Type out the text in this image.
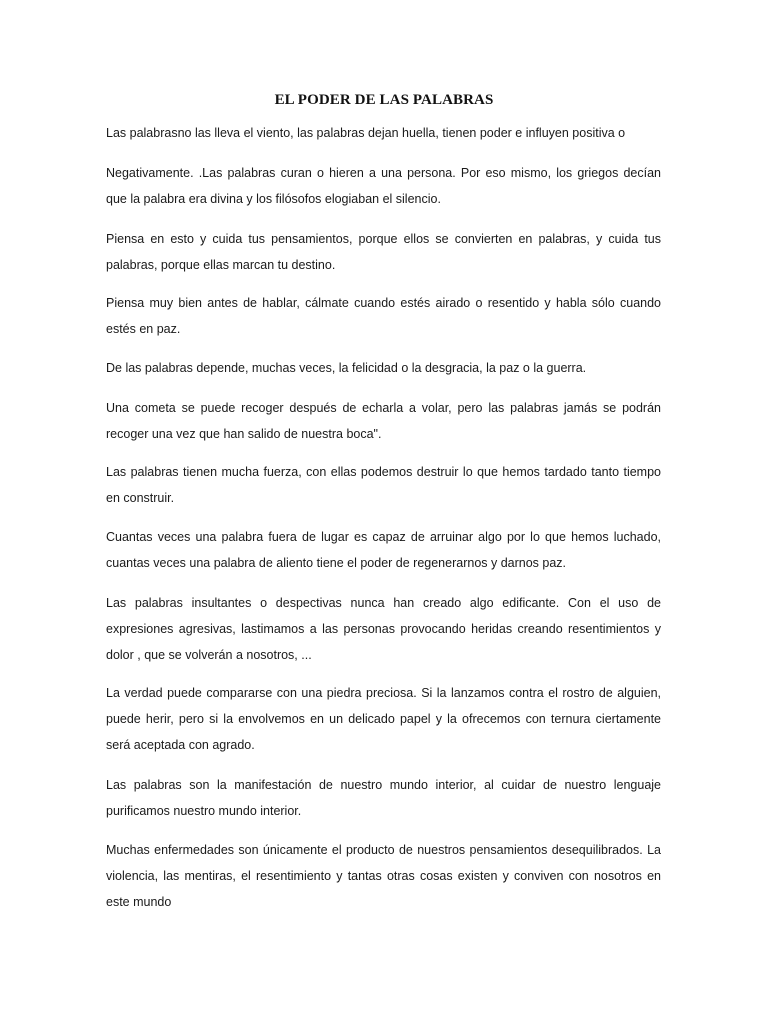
EL PODER DE LAS PALABRAS

Las palabrasno las lleva el viento, las palabras dejan huella, tienen poder e influyen positiva o

Negativamente. .Las palabras curan o hieren a una persona. Por eso mismo, los griegos decían que la palabra era divina y los filósofos elogiaban el silencio.

Piensa en esto y cuida tus pensamientos, porque ellos se convierten en palabras, y cuida tus palabras, porque ellas marcan tu destino.

Piensa muy bien antes de hablar, cálmate cuando estés airado o resentido y habla sólo cuando estés en paz.

De las palabras depende, muchas veces, la felicidad o la desgracia, la paz o la guerra.

Una cometa se puede recoger después de echarla a volar, pero las palabras jamás se podrán recoger una vez que han salido de nuestra boca".

Las palabras tienen mucha fuerza, con ellas podemos destruir lo que hemos tardado tanto tiempo en construir.

Cuantas veces una palabra fuera de lugar es capaz de arruinar algo por lo que hemos luchado, cuantas veces una palabra de aliento tiene el poder de regenerarnos y darnos paz.

Las palabras insultantes o despectivas nunca han creado algo edificante. Con el uso de expresiones agresivas, lastimamos a las personas provocando heridas creando resentimientos y dolor , que se volverán a nosotros, ...

La verdad puede compararse con una piedra preciosa. Si la lanzamos contra el rostro de alguien, puede herir, pero si la envolvemos en un delicado papel y la ofrecemos con ternura ciertamente será aceptada con agrado.

Las palabras son la manifestación de nuestro mundo interior, al cuidar de nuestro lenguaje purificamos nuestro mundo interior.

Muchas enfermedades son únicamente el producto de nuestros pensamientos desequilibrados. La violencia, las mentiras, el resentimiento y tantas otras cosas existen y conviven con nosotros en este mundo
